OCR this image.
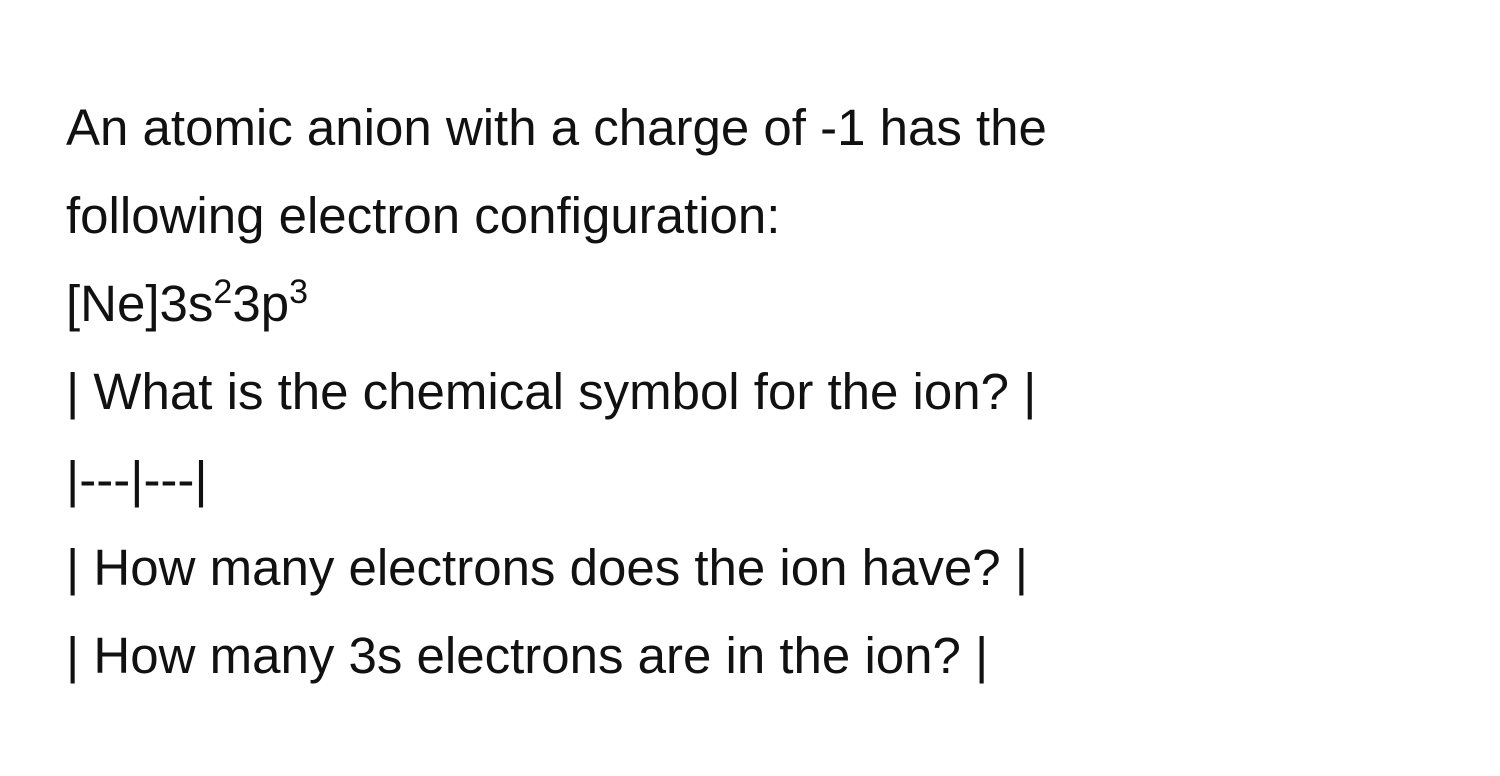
An atomic anion with a charge of -1 has the
following electron configuration:
$[Ne]3s^23p^3$
| What is the chemical symbol for the ion? |
|---|---|
| How many electrons does the ion have? |
| How many 3s electrons are in the ion? |
